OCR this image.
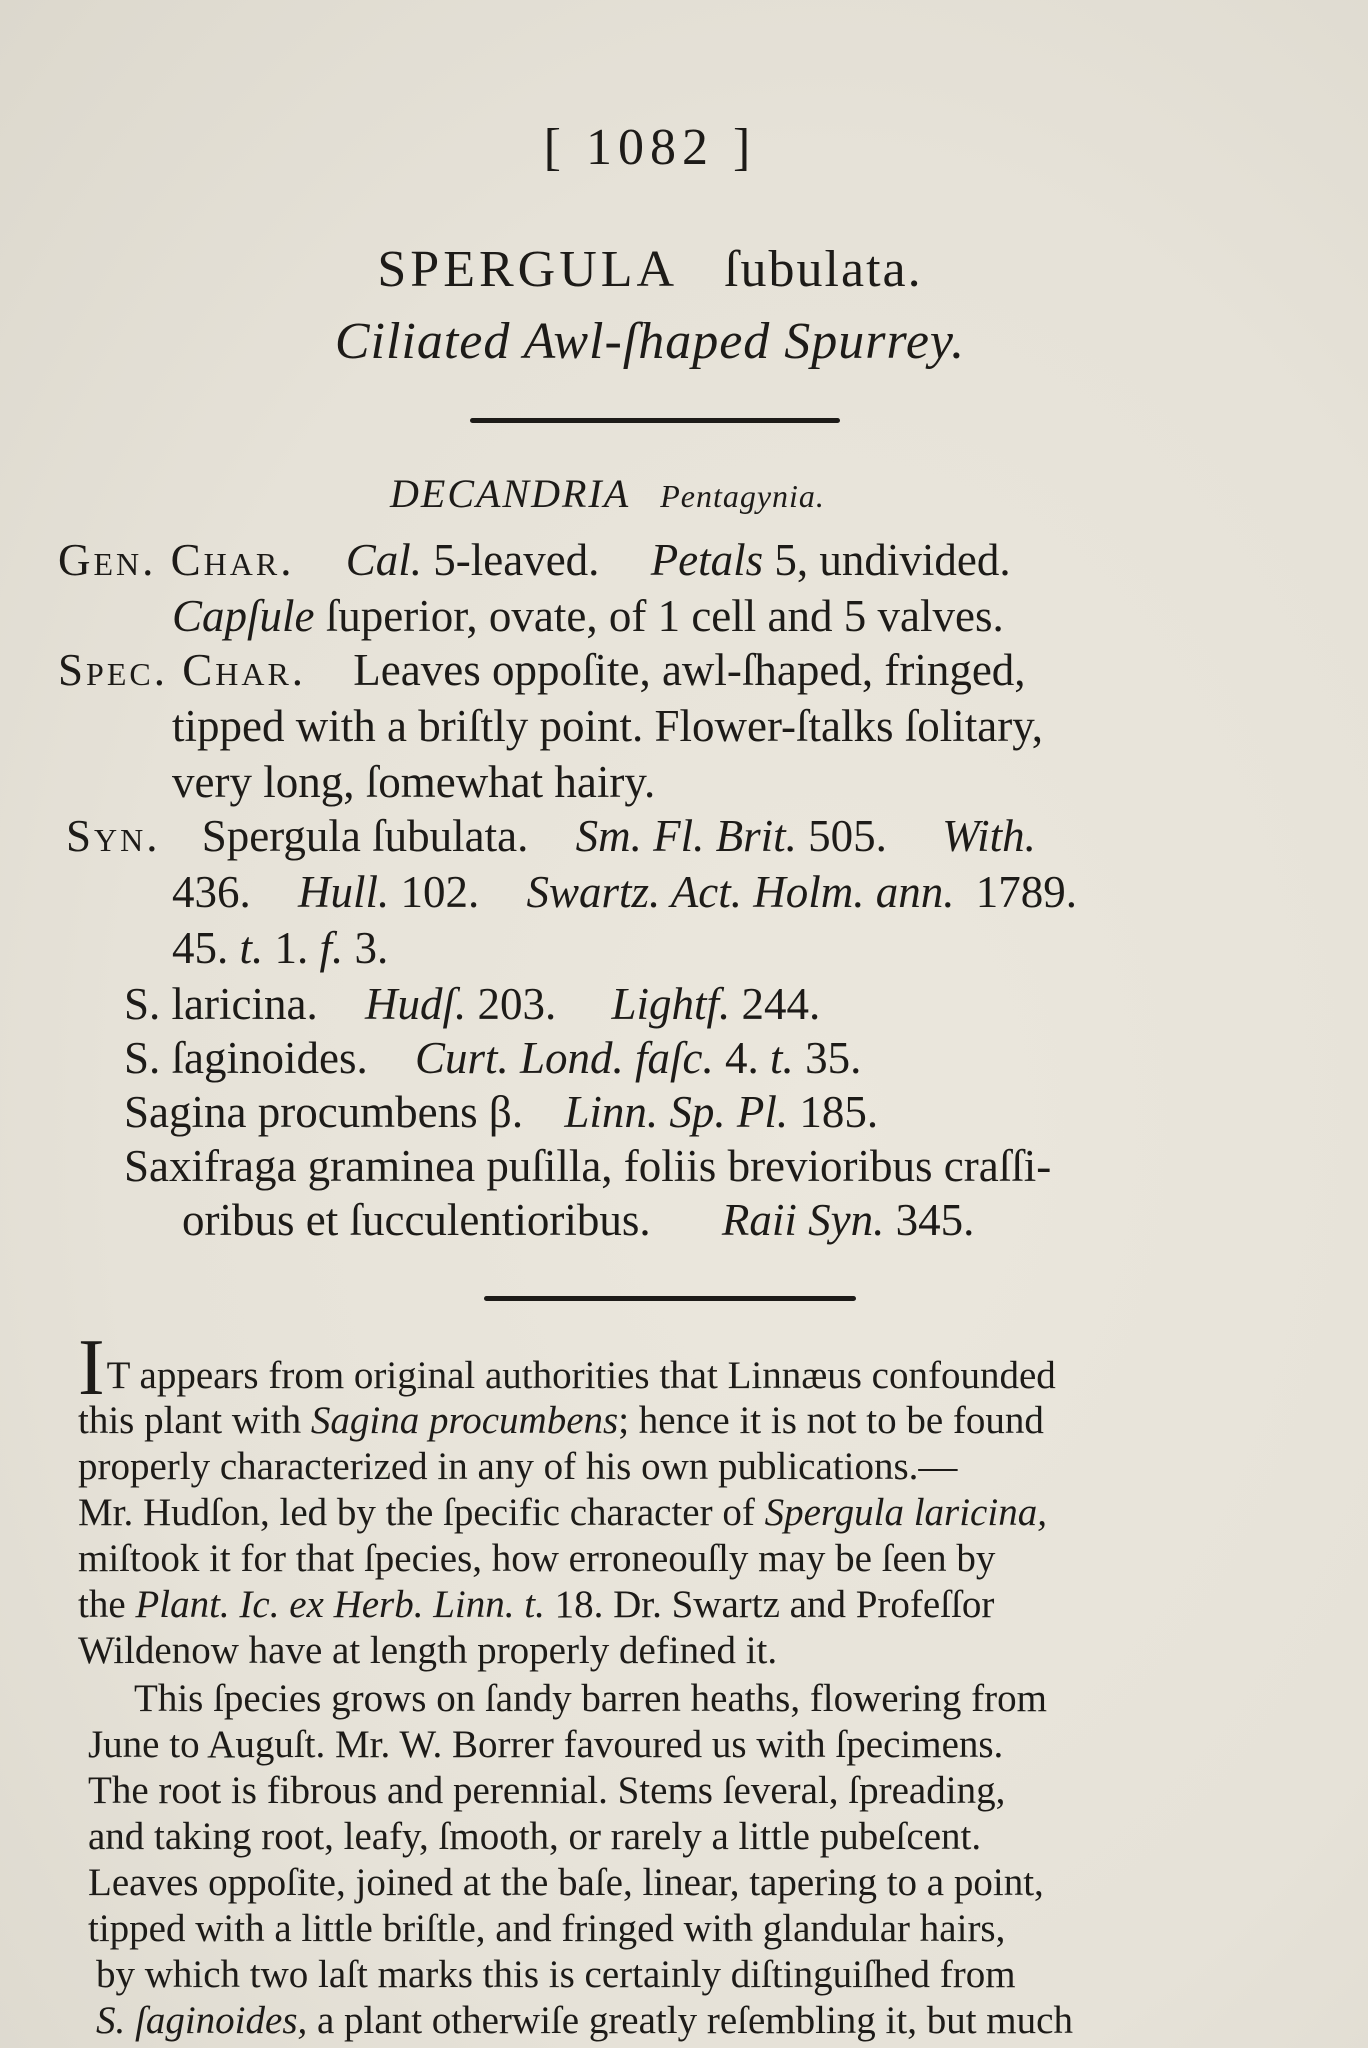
[ 1082 ]
SPERGULA ſubulata.
Ciliated Awl-ſhaped Spurrey.
DECANDRIA Pentagynia.
Gen. Char. Cal. 5-leaved. Petals 5, undivided.
Capſule ſuperior, ovate, of 1 cell and 5 valves.
Spec. Char. Leaves oppoſite, awl-ſhaped, fringed,
tipped with a briſtly point. Flower-ſtalks ſolitary,
very long, ſomewhat hairy.
Syn. Spergula ſubulata. Sm. Fl. Brit. 505. With.
436. Hull. 102. Swartz. Act. Holm. ann. 1789.
45. t. 1. f. 3.
S. laricina. Hudſ. 203. Lightf. 244.
S. ſaginoides. Curt. Lond. faſc. 4. t. 35.
Sagina procumbens β. Linn. Sp. Pl. 185.
Saxifraga graminea puſilla, foliis brevioribus craſſi-
oribus et ſucculentioribus. Raii Syn. 345.
IT appears from original authorities that Linnæus confounded
this plant with Sagina procumbens; hence it is not to be found
properly characterized in any of his own publications.—
Mr. Hudſon, led by the ſpecific character of Spergula laricina,
miſtook it for that ſpecies, how erroneouſly may be ſeen by
the Plant. Ic. ex Herb. Linn. t. 18. Dr. Swartz and Profeſſor
Wildenow have at length properly defined it.
This ſpecies grows on ſandy barren heaths, flowering from
June to Auguſt. Mr. W. Borrer favoured us with ſpecimens.
The root is fibrous and perennial. Stems ſeveral, ſpreading,
and taking root, leafy, ſmooth, or rarely a little pubeſcent.
Leaves oppoſite, joined at the baſe, linear, tapering to a point,
tipped with a little briſtle, and fringed with glandular hairs,
by which two laſt marks this is certainly diſtinguiſhed from
S. ſaginoides, a plant otherwiſe greatly reſembling it, but much
